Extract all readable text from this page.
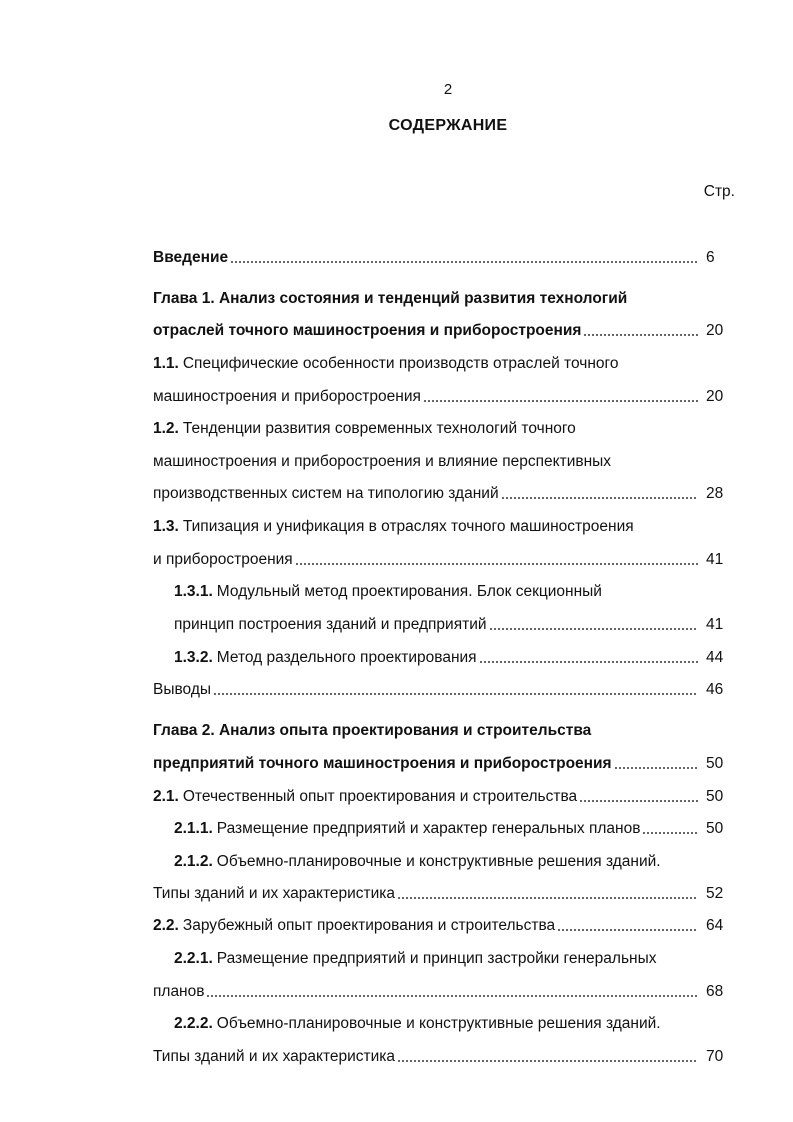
2
СОДЕРЖАНИЕ
Стр.
Введение	6
Глава 1. Анализ состояния и тенденций развития технологий
отраслей точного машиностроения и приборостроения	20
1.1. Специфические особенности производств отраслей точного
машиностроения и приборостроения	20
1.2. Тенденции развития современных технологий точного
машиностроения и приборостроения и влияние перспективных
производственных систем на типологию зданий	28
1.3. Типизация и унификация в отраслях точного машиностроения
и приборостроения	41
1.3.1. Модульный метод проектирования. Блок секционный
принцип построения зданий и предприятий	41
1.3.2. Метод раздельного проектирования	44
Выводы	46
Глава 2. Анализ опыта проектирования и строительства
предприятий точного машиностроения и приборостроения	50
2.1. Отечественный опыт проектирования и строительства	50
2.1.1. Размещение предприятий и характер генеральных планов	50
2.1.2. Объемно-планировочные и конструктивные решения зданий.
Типы зданий и их характеристика	52
2.2. Зарубежный опыт проектирования и строительства	64
2.2.1. Размещение предприятий и принцип застройки генеральных
планов	68
2.2.2. Объемно-планировочные и конструктивные решения зданий.
Типы зданий и их характеристика	70
